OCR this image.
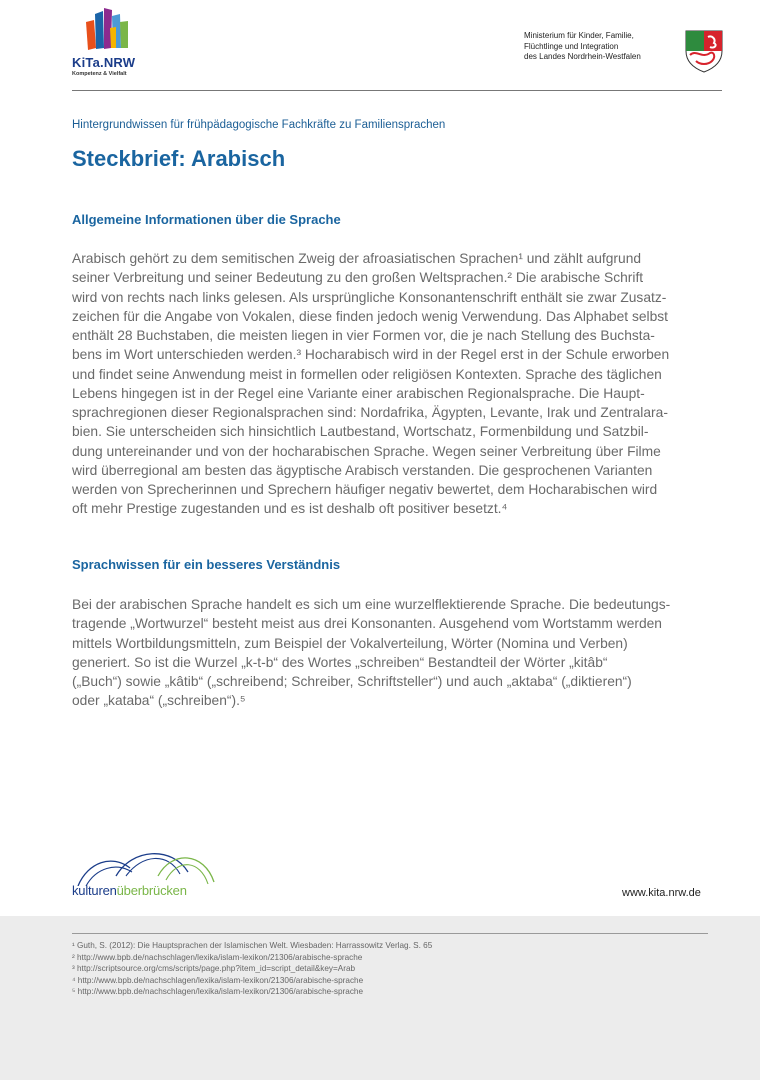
KiTa.NRW
Kompetenz & Vielfalt
Ministerium für Kinder, Familie,
Flüchtlinge und Integration
des Landes Nordrhein-Westfalen
Hintergrundwissen für frühpädagogische Fachkräfte zu Familiensprachen
Steckbrief: Arabisch
Allgemeine Informationen über die Sprache

Arabisch gehört zu dem semitischen Zweig der afroasiatischen Sprachen¹ und zählt aufgrund
seiner Verbreitung und seiner Bedeutung zu den großen Weltsprachen.² Die arabische Schrift
wird von rechts nach links gelesen. Als ursprüngliche Konsonantenschrift enthält sie zwar Zusatz-
zeichen für die Angabe von Vokalen, diese finden jedoch wenig Verwendung. Das Alphabet selbst
enthält 28 Buchstaben, die meisten liegen in vier Formen vor, die je nach Stellung des Buchsta-
bens im Wort unterschieden werden.³ Hocharabisch wird in der Regel erst in der Schule erworben
und findet seine Anwendung meist in formellen oder religiösen Kontexten. Sprache des täglichen
Lebens hingegen ist in der Regel eine Variante einer arabischen Regionalsprache. Die Haupt-
sprachregionen dieser Regionalsprachen sind: Nordafrika, Ägypten, Levante, Irak und Zentralara-
bien. Sie unterscheiden sich hinsichtlich Lautbestand, Wortschatz, Formenbildung und Satzbil-
dung untereinander und von der hocharabischen Sprache. Wegen seiner Verbreitung über Filme
wird überregional am besten das ägyptische Arabisch verstanden. Die gesprochenen Varianten
werden von Sprecherinnen und Sprechern häufiger negativ bewertet, dem Hocharabischen wird
oft mehr Prestige zugestanden und es ist deshalb oft positiver besetzt.⁴

Sprachwissen für ein besseres Verständnis

Bei der arabischen Sprache handelt es sich um eine wurzelflektierende Sprache. Die bedeutungs-
tragende „Wortwurzel“ besteht meist aus drei Konsonanten. Ausgehend vom Wortstamm werden
mittels Wortbildungsmitteln, zum Beispiel der Vokalverteilung, Wörter (Nomina und Verben)
generiert. So ist die Wurzel „k-t-b“ des Wortes „schreiben“ Bestandteil der Wörter „kitâb“
(„Buch“) sowie „kâtib“ („schreibend; Schreiber, Schriftsteller“) und auch „aktaba“ („diktieren“)
oder „kataba“ („schreiben“).⁵

kulturenüberbrücken	www.kita.nrw.de
¹ Guth, S. (2012): Die Hauptsprachen der Islamischen Welt. Wiesbaden: Harrassowitz Verlag. S. 65
² http://www.bpb.de/nachschlagen/lexika/islam-lexikon/21306/arabische-sprache
³ http://scriptsource.org/cms/scripts/page.php?item_id=script_detail&key=Arab
⁴ http://www.bpb.de/nachschlagen/lexika/islam-lexikon/21306/arabische-sprache
⁵ http://www.bpb.de/nachschlagen/lexika/islam-lexikon/21306/arabische-sprache
